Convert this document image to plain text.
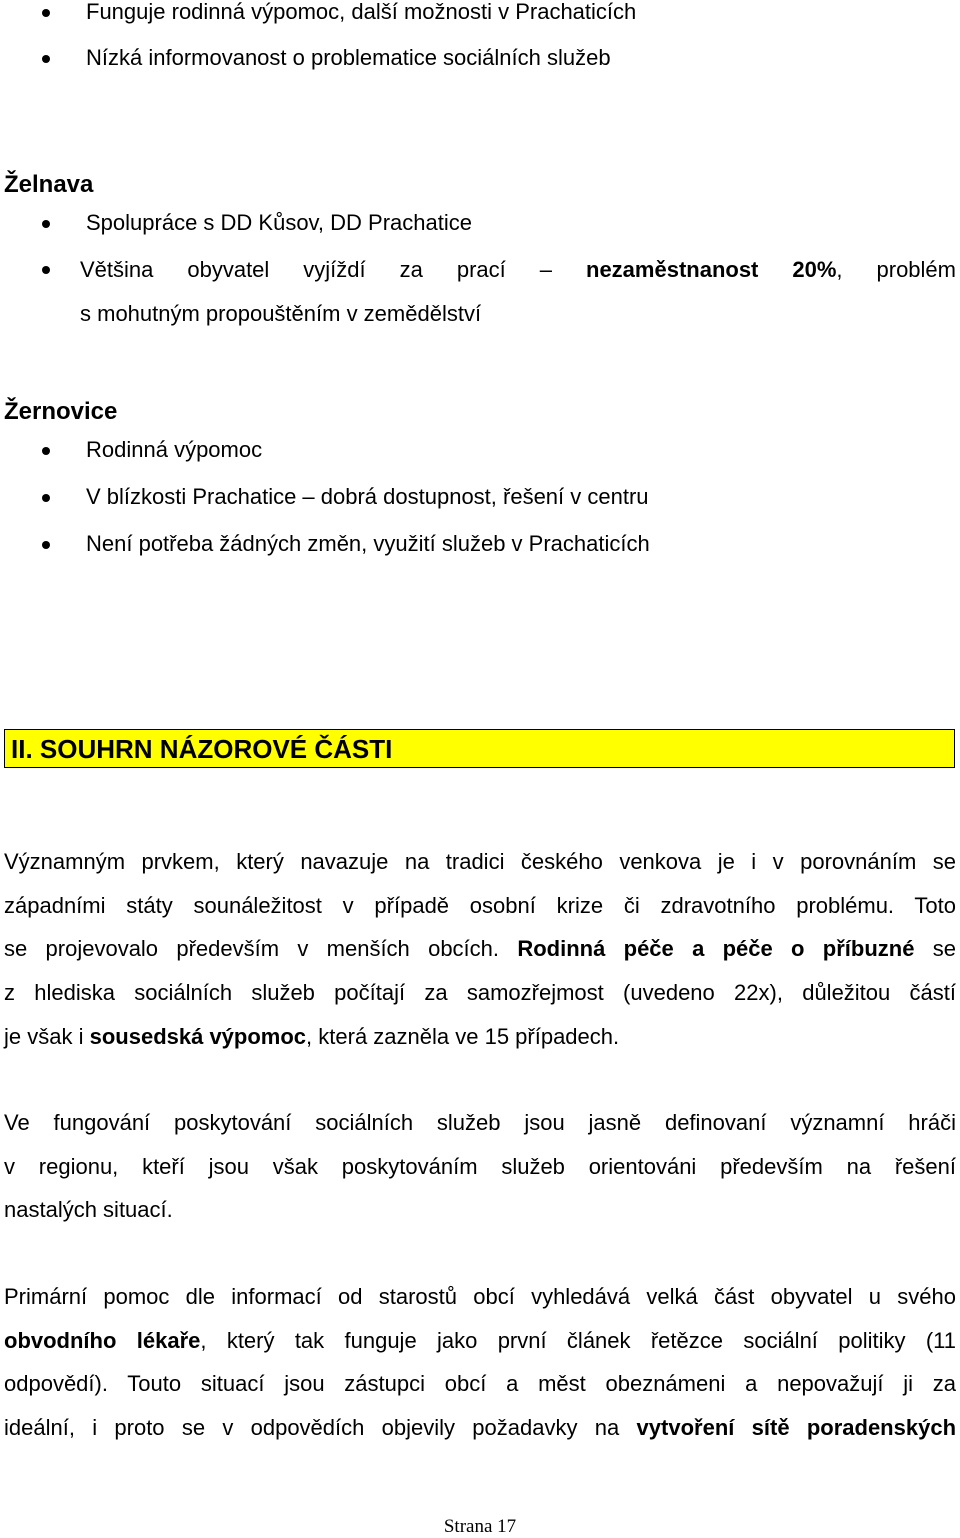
Funguje rodinná výpomoc, další možnosti v Prachaticích
Nízká informovanost o problematice sociálních služeb
Želnava
Spolupráce s DD Kůsov, DD Prachatice
Většina obyvatel vyjíždí za prací – nezaměstnanost 20%, problém
s mohutným propouštěním v zemědělství
Žernovice
Rodinná výpomoc
V blízkosti Prachatice – dobrá dostupnost, řešení v centru
Není potřeba žádných změn, využití služeb v Prachaticích
II. SOUHRN NÁZOROVÉ ČÁSTI
Významným prvkem, který navazuje na tradici českého venkova je i v porovnáním se
západními státy sounáležitost v případě osobní krize či zdravotního problému. Toto
se projevovalo především v menších obcích. Rodinná péče a péče o příbuzné se
z hlediska sociálních služeb počítají za samozřejmost (uvedeno 22x), důležitou částí
je však i sousedská výpomoc, která zazněla ve 15 případech.
Ve fungování poskytování sociálních služeb jsou jasně definovaní významní hráči
v regionu, kteří jsou však poskytováním služeb orientováni především na řešení
nastalých situací.
Primární pomoc dle informací od starostů obcí vyhledává velká část obyvatel u svého
obvodního lékaře, který tak funguje jako první článek řetězce sociální politiky (11
odpovědí). Touto situací jsou zástupci obcí a měst obeznámeni a nepovažují ji za
ideální, i proto se v odpovědích objevily požadavky na vytvoření sítě poradenských
Strana 17
